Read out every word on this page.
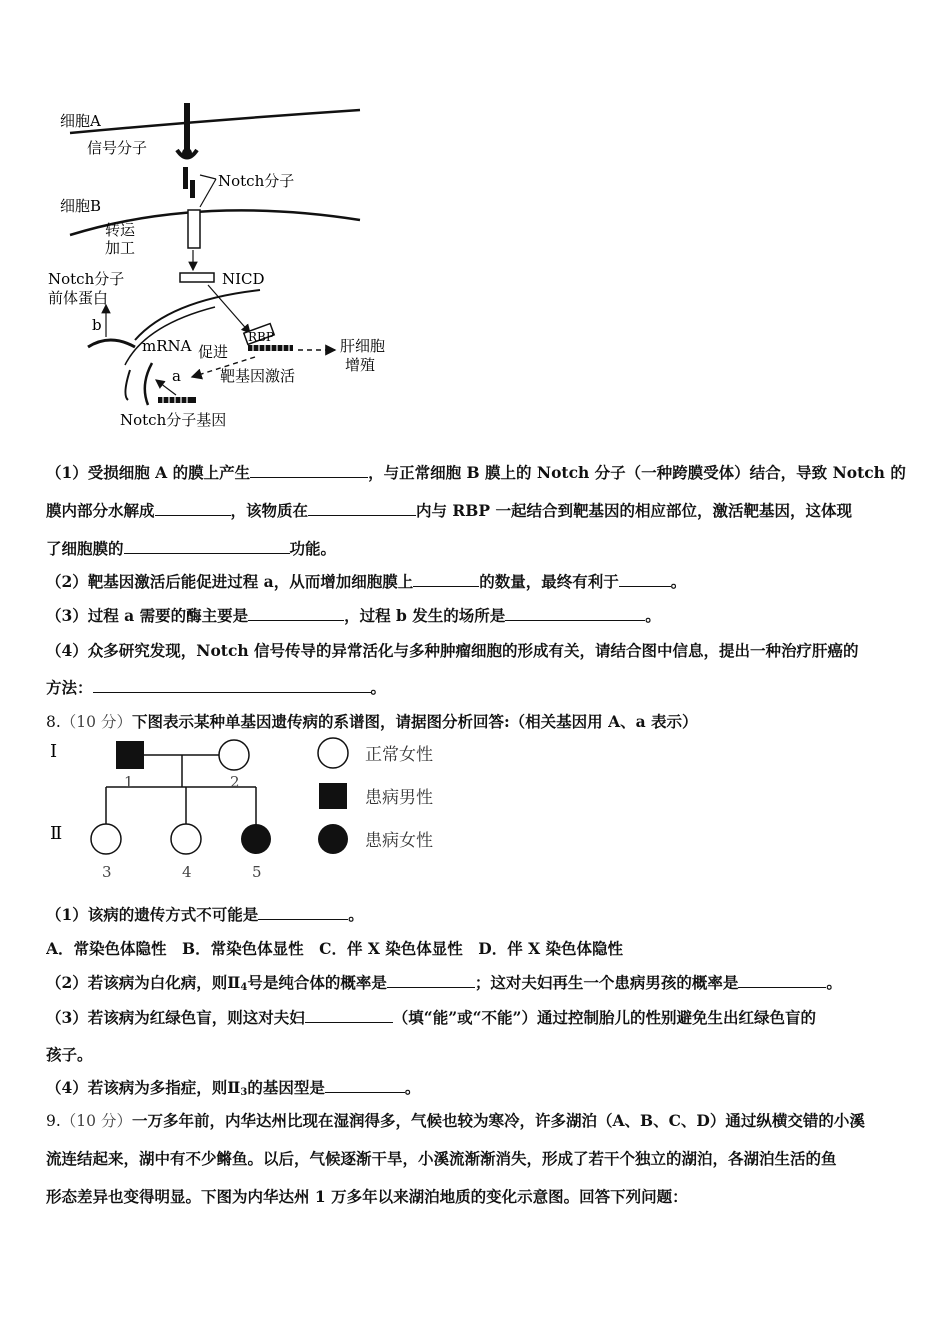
细胞A
信号分子
Notch分子
细胞B
转运
加工
NICD
Notch分子
前体蛋白
b
mRNA 促进
RBP	肝细胞
增殖
a	靶基因激活
Notch分子基因
（1）受损细胞 A 的膜上产生	，与正常细胞 B 膜上的 Notch 分子（一种跨膜受体）结合，导致 Notch 的
膜内部分水解成	，该物质在	内与 RBP 一起结合到靶基因的相应部位，激活靶基因，这体现
了细胞膜的	功能。
（2）靶基因激活后能促进过程 a，从而增加细胞膜上	的数量，最终有利于	。
（3）过程 a 需要的酶主要是	，过程 b 发生的场所是	。
（4）众多研究发现，Notch 信号传导的异常活化与多种肿瘤细胞的形成有关，请结合图中信息，提出一种治疗肝癌的
方法：	。
8.（10 分）下图表示某种单基因遗传病的系谱图，请据图分析回答:（相关基因用 A、a 表示）
Ⅰ
Ⅱ
1	2
3	4	5
正常女性
患病男性
患病女性
（1）该病的遗传方式不可能是	。
A．常染色体隐性　B．常染色体显性　C．伴 X 染色体显性　D．伴 X 染色体隐性
（2）若该病为白化病，则$Ⅱ_4$号是纯合体的概率是	；这对夫妇再生一个患病男孩的概率是	。
（3）若该病为红绿色盲，则这对夫妇	（填“能”或“不能”）通过控制胎儿的性别避免生出红绿色盲的
孩子。
（4）若该病为多指症，则$Ⅱ_3$的基因型是	。
9.（10 分）一万多年前，内华达州比现在湿润得多，气候也较为寒冷，许多湖泊（A、B、C、D）通过纵横交错的小溪
流连结起来，湖中有不少鳉鱼。以后，气候逐渐干旱，小溪流渐渐消失，形成了若干个独立的湖泊，各湖泊生活的鱼
形态差异也变得明显。下图为内华达州 1 万多年以来湖泊地质的变化示意图。回答下列问题：
